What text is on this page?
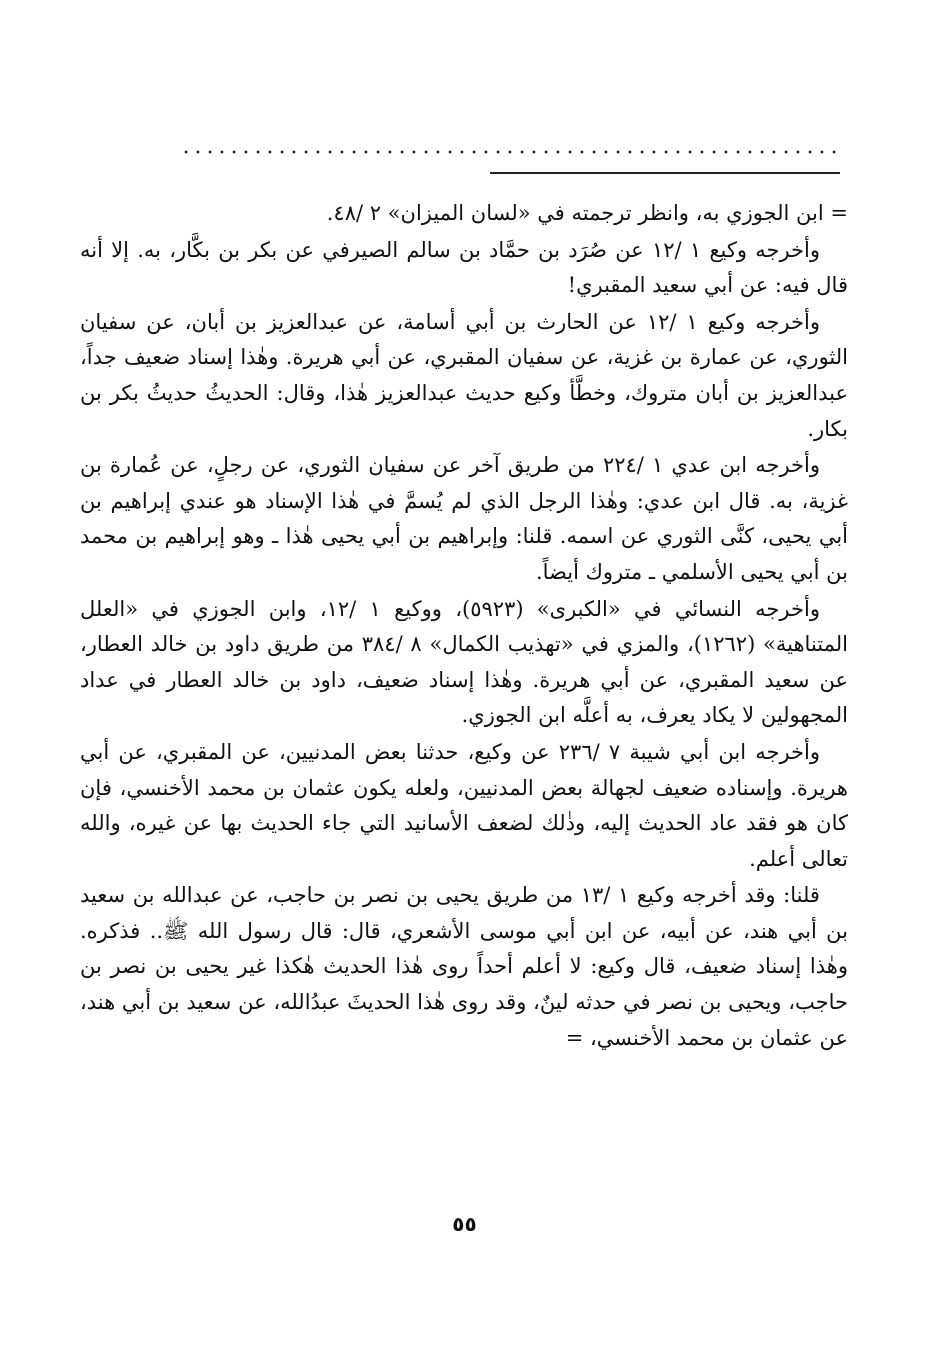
= ابن الجوزي به، وانظر ترجمته في «لسان الميزان» ٢ /٤٨.

وأخرجه وكيع ١ /١٢ عن صُرَد بن حمَّاد بن سالم الصيرفي عن بكر بن بكَّار، به. إلا أنه قال فيه: عن أبي سعيد المقبري!

وأخرجه وكيع ١ /١٢ عن الحارث بن أبي أسامة، عن عبدالعزيز بن أبان، عن سفيان الثوري، عن عمارة بن غزية، عن سفيان المقبري، عن أبي هريرة. وهٰذا إسناد ضعيف جداً، عبدالعزيز بن أبان متروك، وخطَّأ وكيع حديث عبدالعزيز هٰذا، وقال: الحديثُ حديثُ بكر بن بكار.

وأخرجه ابن عدي ١ /٢٢٤ من طريق آخر عن سفيان الثوري، عن رجلٍ، عن عُمارة بن غزية، به. قال ابن عدي: وهٰذا الرجل الذي لم يُسمَّ في هٰذا الإسناد هو عندي إبراهيم بن أبي يحيى، كنَّى الثوري عن اسمه. قلنا: وإبراهيم بن أبي يحيى هٰذا ـ وهو إبراهيم بن محمد بن أبي يحيى الأسلمي ـ متروك أيضاً.

وأخرجه النسائي في «الكبرى» (٥٩٢٣)، ووكيع ١ /١٢، وابن الجوزي في «العلل المتناهية» (١٢٦٢)، والمزي في «تهذيب الكمال» ٨ /٣٨٤ من طريق داود بن خالد العطار، عن سعيد المقبري، عن أبي هريرة. وهٰذا إسناد ضعيف، داود بن خالد العطار في عداد المجهولين لا يكاد يعرف، به أعلَّه ابن الجوزي.

وأخرجه ابن أبي شيبة ٧ /٢٣٦ عن وكيع، حدثنا بعض المدنيين، عن المقبري، عن أبي هريرة. وإسناده ضعيف لجهالة بعض المدنيين، ولعله يكون عثمان بن محمد الأخنسي، فإن كان هو فقد عاد الحديث إليه، وذٰلك لضعف الأسانيد التي جاء الحديث بها عن غيره، والله تعالى أعلم.

قلنا: وقد أخرجه وكيع ١ /١٣ من طريق يحيى بن نصر بن حاجب، عن عبدالله بن سعيد بن أبي هند، عن أبيه، عن ابن أبي موسى الأشعري، قال: قال رسول الله ﷺ.. فذكره. وهٰذا إسناد ضعيف، قال وكيع: لا أعلم أحداً روى هٰذا الحديث هٰكذا غير يحيى بن نصر بن حاجب، ويحيى بن نصر في حدثه لينٌ، وقد روى هٰذا الحديثَ عبدُالله، عن سعيد بن أبي هند، عن عثمان بن محمد الأخنسي، =

٥٥
